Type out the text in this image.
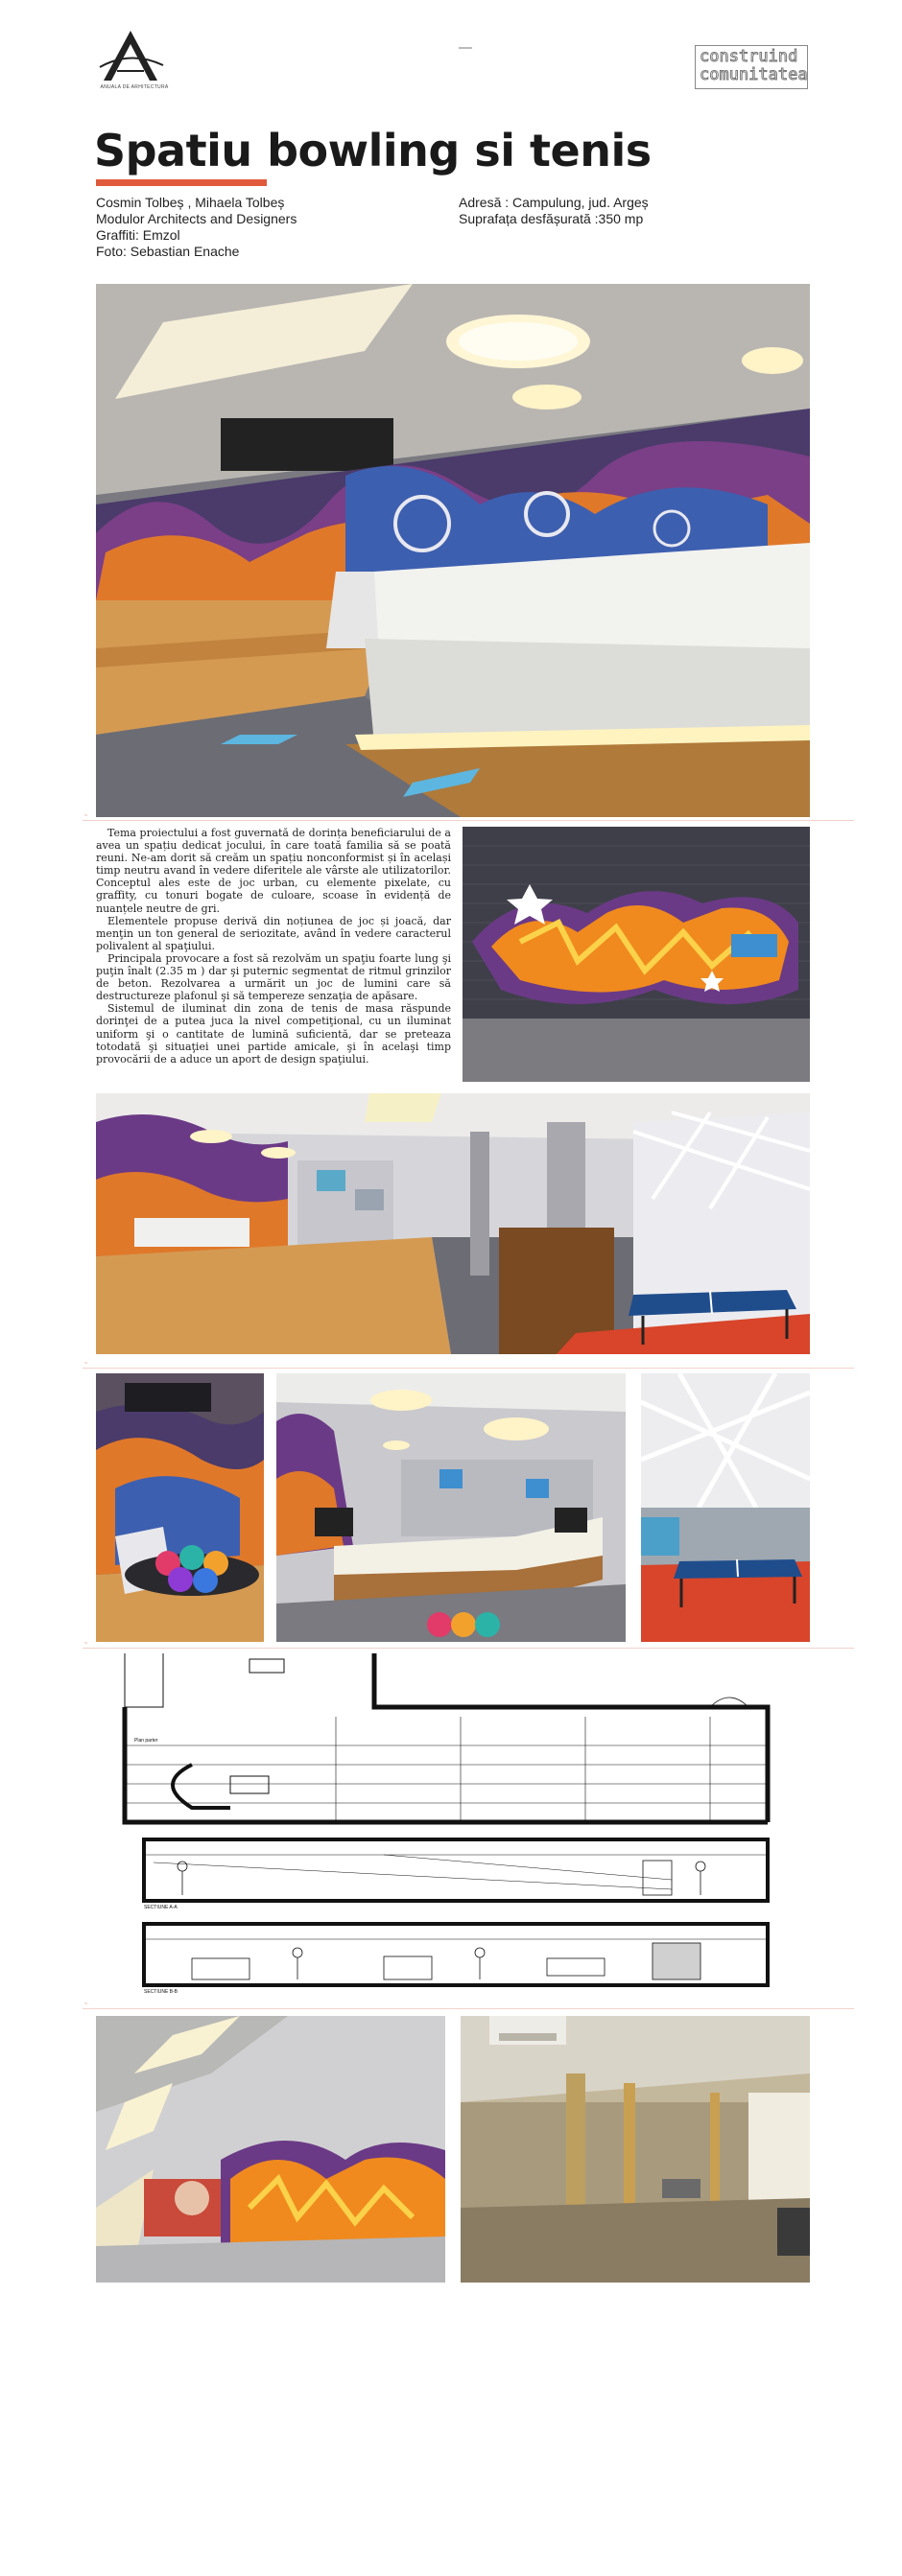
ANUALA DE ARHITECTURA
construind
comunitatea
Spatiu bowling si tenis
Cosmin Tolbeș , Mihaela Tolbeș
Modulor Architects and Designers
Graffiti: Emzol
Foto: Sebastian Enache
Adresă : Campulung, jud. Argeș
Suprafața desfășurată :350 mp
~

Tema proiectului a fost guvernată de dorința beneficiarului de a avea un spațiu dedicat jocului, în care toată familia să se poată reuni. Ne-am dorit să creăm un spațiu nonconformist și în același timp neutru avand în vedere diferitele ale vârste ale utilizatorilor. Conceptul ales este de joc urban, cu elemente pixelate, cu graffity, cu tonuri bogate de culoare, scoase în evidență de nuanțele neutre de gri.

Elementele propuse derivă din noțiunea de joc și joacă, dar menţin un ton general de seriozitate, având în vedere caracterul polivalent al spaţiului.

Principala provocare a fost să rezolvăm un spaţiu foarte lung şi puţin înalt (2.35 m ) dar şi puternic segmentat de ritmul grinzilor de beton. Rezolvarea a urmărit un joc de lumini care să destructureze plafonul şi să tempereze senzaţia de apăsare.

Sistemul de iluminat din zona de tenis de masa răspunde dorinţei de a putea juca la nivel competiţional, cu un iluminat uniform şi o cantitate de lumină suficientă, dar se preteaza totodată şi situaţiei unei partide amicale, şi în acelaşi timp provocării de a aduce un aport de design spaţiului.

~
~
Plan parter
SECTIUNE A-A
SECTIUNE B-B
~
